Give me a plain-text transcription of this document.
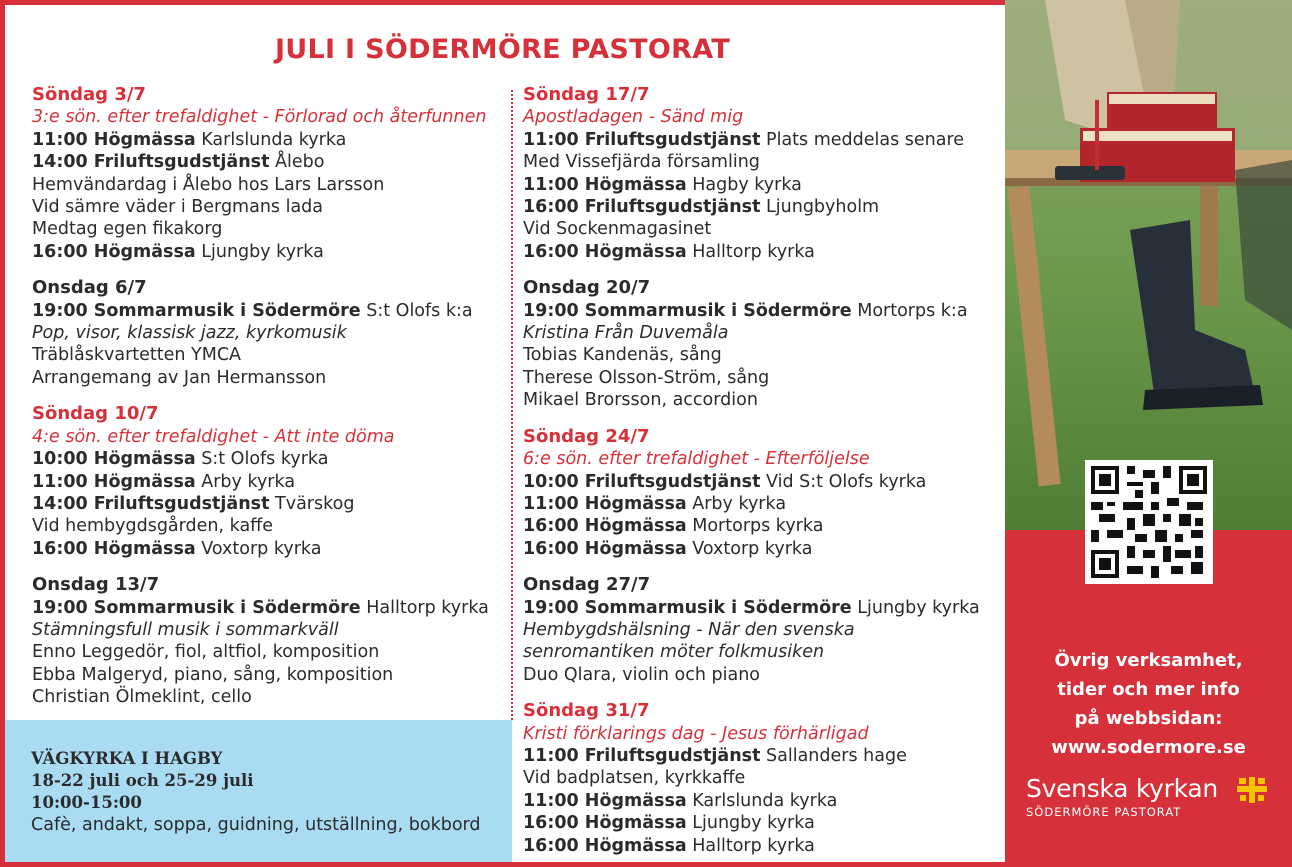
JULI I SÖDERMÖRE PASTORAT
Söndag 3/7
3:e sön. efter trefaldighet - Förlorad och återfunnen
11:00 Högmässa Karlslunda kyrka
14:00 Friluftsgudstjänst Ålebo
Hemvändardag i Ålebo hos Lars Larsson
Vid sämre väder i Bergmans lada
Medtag egen fikakorg
16:00 Högmässa Ljungby kyrka
Onsdag 6/7
19:00 Sommarmusik i Södermöre S:t Olofs k:a
Pop, visor, klassisk jazz, kyrkomusik
Träblåskvartetten YMCA
Arrangemang av Jan Hermansson
Söndag 10/7
4:e sön. efter trefaldighet - Att inte döma
10:00 Högmässa S:t Olofs kyrka
11:00 Högmässa Arby kyrka
14:00 Friluftsgudstjänst Tvärskog
Vid hembygdsgården, kaffe
16:00 Högmässa Voxtorp kyrka
Onsdag 13/7
19:00 Sommarmusik i Södermöre Halltorp kyrka
Stämningsfull musik i sommarkväll
Enno Leggedör, fiol, altfiol, komposition
Ebba Malgeryd, piano, sång, komposition
Christian Ölmeklint, cello
Söndag 17/7
Apostladagen - Sänd mig
11:00 Friluftsgudstjänst Plats meddelas senare
Med Vissefjärda församling
11:00 Högmässa Hagby kyrka
16:00 Friluftsgudstjänst Ljungbyholm
Vid Sockenmagasinet
16:00 Högmässa Halltorp kyrka
Onsdag 20/7
19:00 Sommarmusik i Södermöre Mortorps k:a
Kristina Från Duvemåla
Tobias Kandenäs, sång
Therese Olsson-Ström, sång
Mikael Brorsson, accordion
Söndag 24/7
6:e sön. efter trefaldighet - Efterföljelse
10:00 Friluftsgudstjänst Vid S:t Olofs kyrka
11:00 Högmässa Arby kyrka
16:00 Högmässa Mortorps kyrka
16:00 Högmässa Voxtorp kyrka
Onsdag 27/7
19:00 Sommarmusik i Södermöre Ljungby kyrka
Hembygdshälsning - När den svenska
senromantiken möter folkmusiken
Duo Qlara, violin och piano
Söndag 31/7
Kristi förklarings dag - Jesus förhärligad
11:00 Friluftsgudstjänst Sallanders hage
Vid badplatsen, kyrkkaffe
11:00 Högmässa Karlslunda kyrka
16:00 Högmässa Ljungby kyrka
16:00 Högmässa Halltorp kyrka
VÄGKYRKA I HAGBY
18-22 juli och 25-29 juli
10:00-15:00
Cafè, andakt, soppa, guidning, utställning, bokbord
Övrig verksamhet,
tider och mer info
på webbsidan:
www.sodermore.se
Svenska kyrkan
SÖDERMÖRE PASTORAT
